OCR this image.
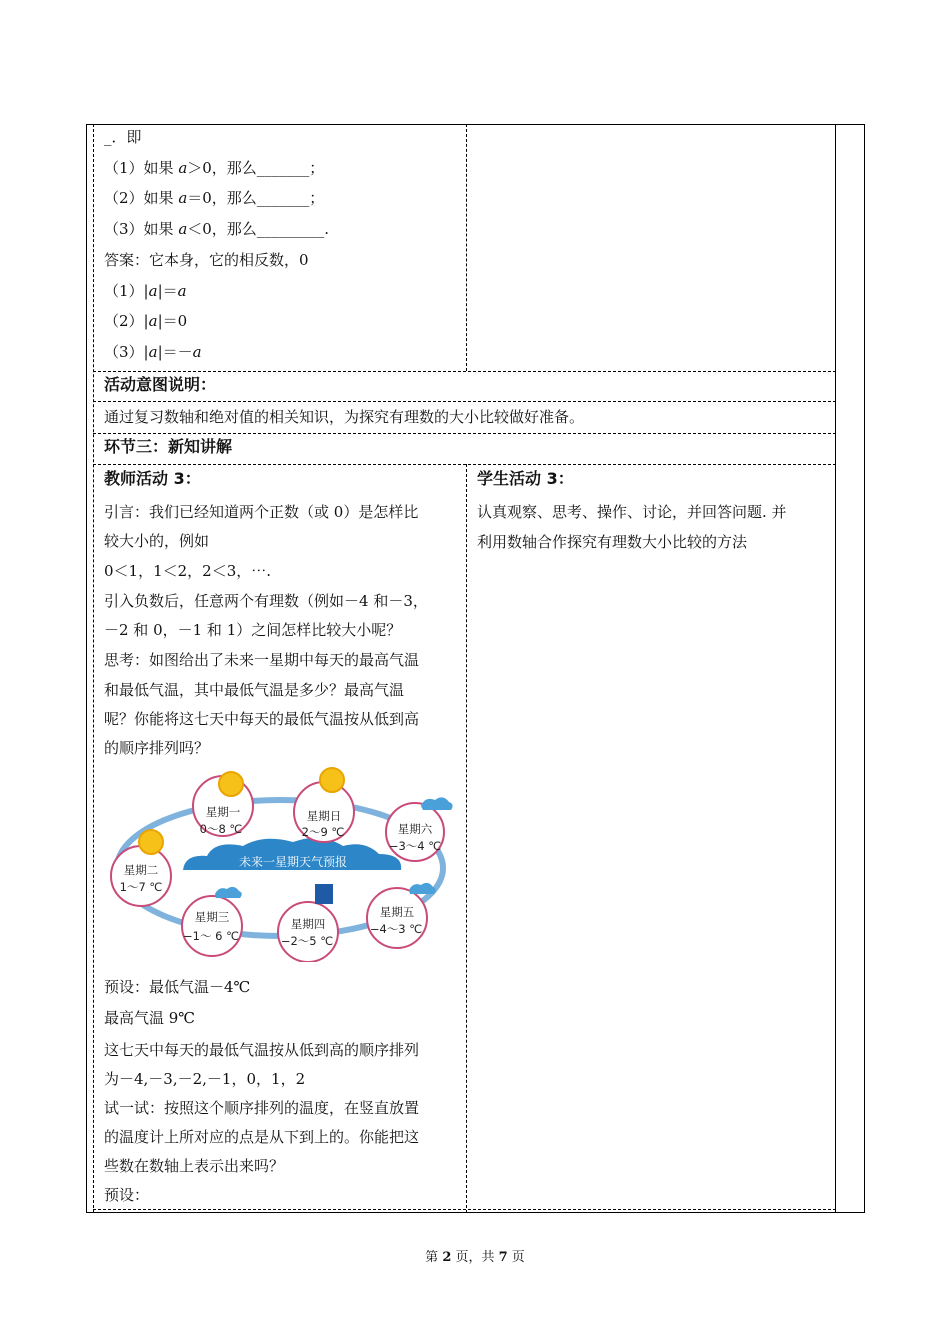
_．即
（1）如果 a＞0，那么_______；
（2）如果 a＝0，那么_______；
（3）如果 a＜0，那么_________.
答案：它本身，它的相反数，0
（1）|a|＝a
（2）|a|＝0
（3）|a|＝－a
活动意图说明：
通过复习数轴和绝对值的相关知识，为探究有理数的大小比较做好准备。
环节三：新知讲解
教师活动 3：	学生活动 3：
引言：我们已经知道两个正数（或 0）是怎样比
较大小的，例如
0＜1，1＜2，2＜3，⋯.
引入负数后，任意两个有理数（例如－4 和－3，
－2 和 0，－1 和 1）之间怎样比较大小呢？
思考：如图给出了未来一星期中每天的最高气温
和最低气温，其中最低气温是多少？最高气温
呢？你能将这七天中每天的最低气温按从低到高
的顺序排列吗？
认真观察、思考、操作、讨论，并回答问题. 并
利用数轴合作探究有理数大小比较的方法
未来一星期天气预报
星期一
0～8 ℃
星期日
2～9 ℃	星期六
−3～4 ℃
星期二
1～7 ℃
星期三
−1～ 6 ℃
星期四
−2～5 ℃
星期五
−4～3 ℃
预设：最低气温－4℃
最高气温 9℃
这七天中每天的最低气温按从低到高的顺序排列
为－4,－3,－2,－1，0，1，2
试一试：按照这个顺序排列的温度，在竖直放置
的温度计上所对应的点是从下到上的。你能把这
些数在数轴上表示出来吗？
预设：
第 2 页，共 7 页
